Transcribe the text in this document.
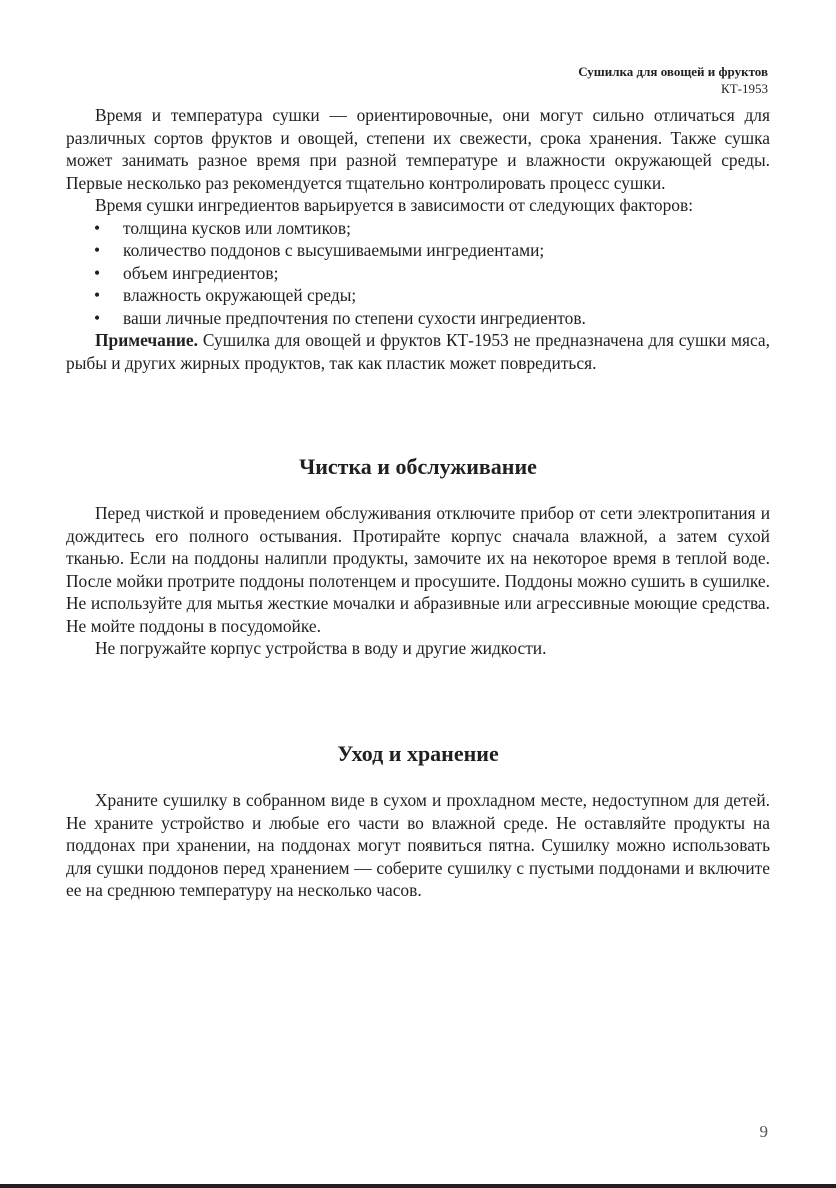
Сушилка для овощей и фруктов
КТ-1953

Время и температура сушки — ориентировочные, они могут сильно отличаться для различных сортов фруктов и овощей, степени их свежести, срока хранения. Также сушка может занимать разное время при разной температуре и влажности окружающей среды. Первые несколько раз рекомендуется тщательно контролировать процесс сушки.

Время сушки ингредиентов варьируется в зависимости от следующих факторов:

• толщина кусков или ломтиков;
• количество поддонов с высушиваемыми ингредиентами;
• объем ингредиентов;
• влажность окружающей среды;
• ваши личные предпочтения по степени сухости ингредиентов.

Примечание. Сушилка для овощей и фруктов КТ-1953 не предназначена для сушки мяса, рыбы и других жирных продуктов, так как пластик может повредиться.

Чистка и обслуживание

Перед чисткой и проведением обслуживания отключите прибор от сети электропитания и дождитесь его полного остывания. Протирайте корпус сначала влажной, а затем сухой тканью. Если на поддоны налипли продукты, замочите их на некоторое время в теплой воде. После мойки протрите поддоны полотенцем и просушите. Поддоны можно сушить в сушилке. Не используйте для мытья жесткие мочалки и абразивные или агрессивные моющие средства. Не мойте поддоны в посудомойке.

Не погружайте корпус устройства в воду и другие жидкости.

Уход и хранение

Храните сушилку в собранном виде в сухом и прохладном месте, недоступном для детей. Не храните устройство и любые его части во влажной среде. Не оставляйте продукты на поддонах при хранении, на поддонах могут появиться пятна. Сушилку можно использовать для сушки поддонов перед хранением — соберите сушилку с пустыми поддонами и включите ее на среднюю температуру на несколько часов.

9
